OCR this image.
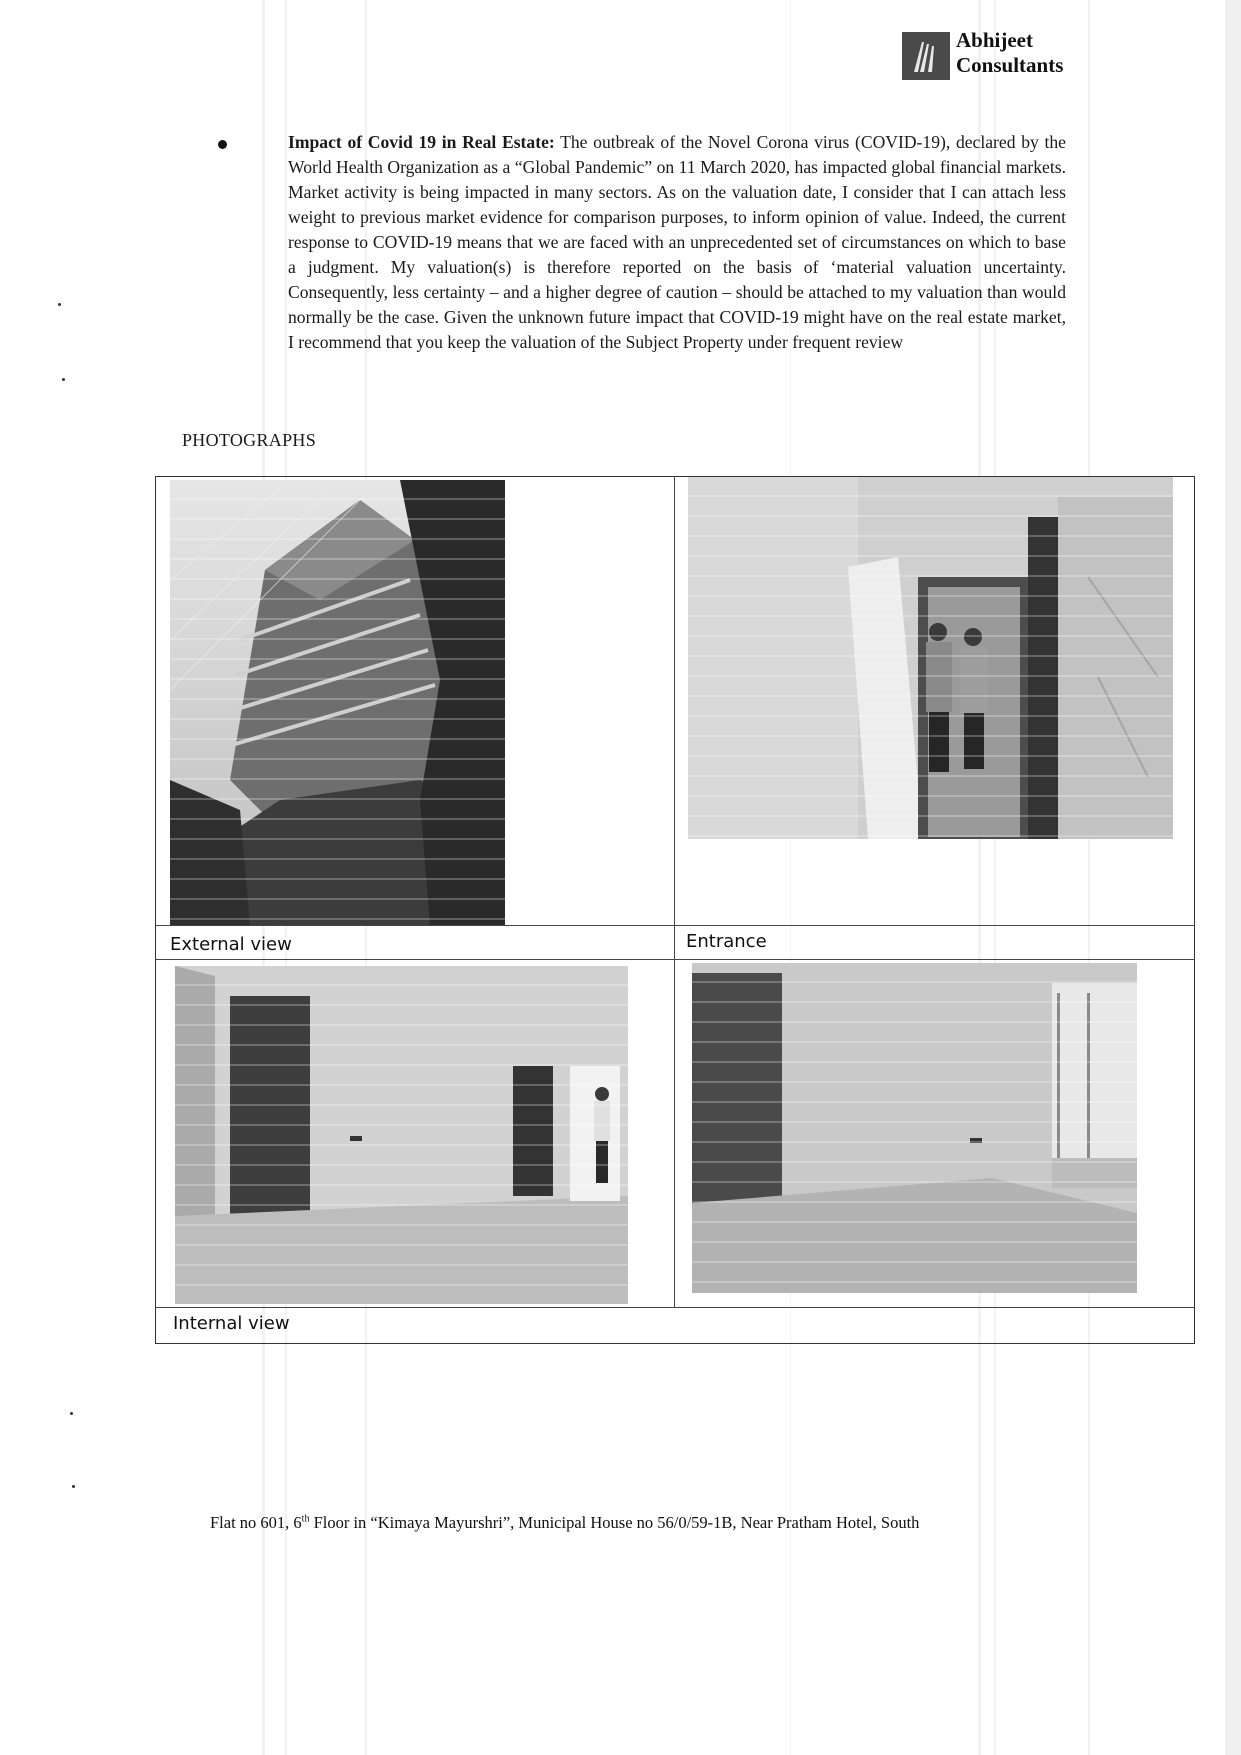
Abhijeet
Consultants
Impact of Covid 19 in Real Estate: The outbreak of the Novel Corona virus (COVID-19), declared by the World Health Organization as a “Global Pandemic” on 11 March 2020, has impacted global financial markets. Market activity is being impacted in many sectors. As on the valuation date, I consider that I can attach less weight to previous market evidence for comparison purposes, to inform opinion of value. Indeed, the current response to COVID-19 means that we are faced with an unprecedented set of circumstances on which to base a judgment. My valuation(s) is therefore reported on the basis of ‘material valuation uncertainty. Consequently, less certainty – and a higher degree of caution – should be attached to my valuation than would normally be the case. Given the unknown future impact that COVID-19 might have on the real estate market, I recommend that you keep the valuation of the Subject Property under frequent review
PHOTOGRAPHS
External view	Entrance
Internal view
Flat no 601, 6th Floor in “Kimaya Mayurshri”, Municipal House no 56/0/59-1B, Near Pratham Hotel, South
